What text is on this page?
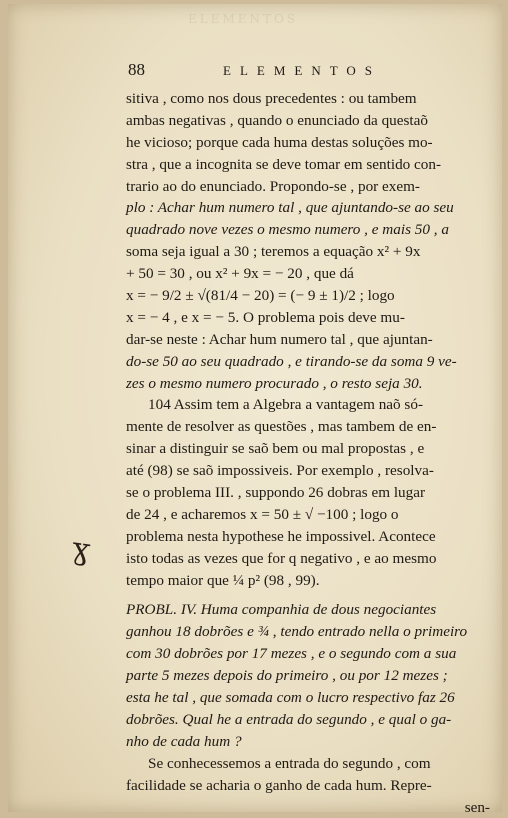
ELEMENTOS
88	ELEMENTOS
sitiva , como nos dous precedentes : ou tambem
ambas negativas , quando o enunciado da questaõ
he vicioso; porque cada huma destas soluções mo-
stra , que a incognita se deve tomar em sentido con-
trario ao do enunciado. Propondo-se , por exem-
plo : Achar hum numero tal , que ajuntando-se ao seu
quadrado nove vezes o mesmo numero , e mais 50 , a
soma seja igual a 30 ; teremos a equação x² + 9x
+ 50 = 30 , ou x² + 9x = − 20 , que dá
x = − 9/2 ± √(81/4 − 20) = (− 9 ± 1)/2 ; logo
x = − 4 , e x = − 5. O problema pois deve mu-
dar-se neste : Achar hum numero tal , que ajuntan-
do-se 50 ao seu quadrado , e tirando-se da soma 9 ve-
zes o mesmo numero procurado , o resto seja 30.
104 Assim tem a Algebra a vantagem naõ só-
mente de resolver as questões , mas tambem de en-
sinar a distinguir se saõ bem ou mal propostas , e
até (98) se saõ impossiveis. Por exemplo , resolva-
se o problema III. , suppondo 26 dobras em lugar
de 24 , e acharemos x = 50 ± √ −100 ; logo o
problema nesta hypothese he impossivel. Acontece
isto todas as vezes que for q negativo , e ao mesmo
tempo maior que ¼ p² (98 , 99).
PROBL. IV. Huma companhia de dous negociantes
ganhou 18 dobrões e ¾ , tendo entrado nella o primeiro
com 30 dobrões por 17 mezes , e o segundo com a sua
parte 5 mezes depois do primeiro , ou por 12 mezes ;
esta he tal , que somada com o lucro respectivo faz 26
dobrões. Qual he a entrada do segundo , e qual o ga-
nho de cada hum ?
Se conhecessemos a entrada do segundo , com
facilidade se acharia o ganho de cada hum. Repre-
sen-
ɣ
